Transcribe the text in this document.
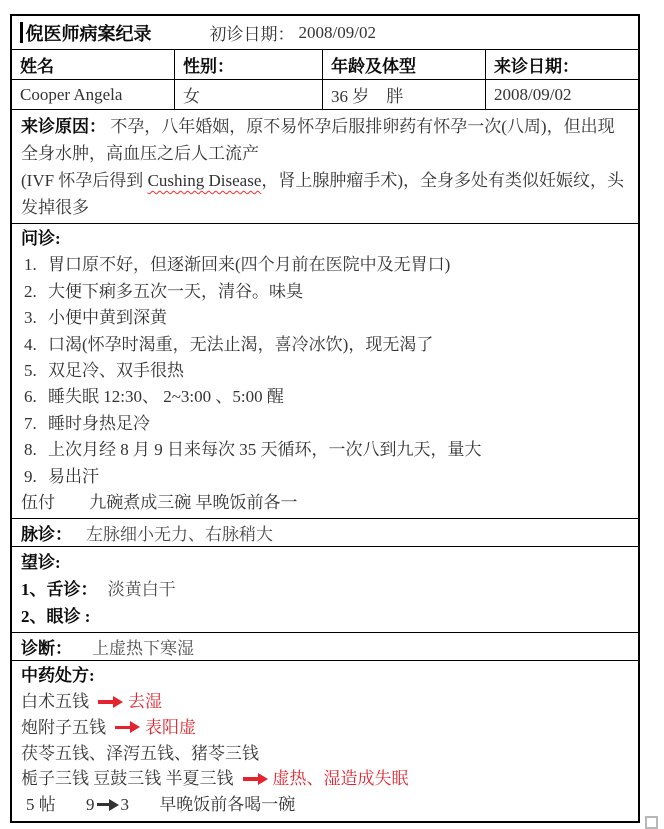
倪医师病案纪录	初诊日期： 2008/09/02
姓名	性别：	年龄及体型	来诊日期：
Cooper Angela	女	36 岁　胖	2008/09/02
来诊原因： 不孕，八年婚姻，原不易怀孕后服排卵药有怀孕一次(八周)，但出现全身水肿，高血压之后人工流产
(IVF 怀孕后得到 Cushing Disease，肾上腺肿瘤手术)，全身多处有类似妊娠纹，头发掉很多
问诊:
1. 胃口原不好，但逐渐回来(四个月前在医院中及无胃口)
2. 大便下痢多五次一天，清谷。味臭
3. 小便中黄到深黄
4. 口渴(怀孕时渴重，无法止渴，喜冷冰饮)，现无渴了
5. 双足冷、双手很热
6. 睡失眠 12:30、 2~3:00 、5:00 醒
7. 睡时身热足冷
8. 上次月经 8 月 9 日来每次 35 天循环，一次八到九天，量大
9. 易出汗
伍付 九碗煮成三碗 早晚饭前各一
脉诊： 左脉细小无力、右脉稍大
望诊:
1、舌诊： 淡黄白干
2、眼诊 :
诊断： 上虚热下寒湿
中药处方:
白术五钱 去湿
炮附子五钱 表阳虚
茯苓五钱、泽泻五钱、猪苓三钱
栀子三钱 豆鼓三钱 半夏三钱 虚热、湿造成失眠
5 帖 9 3 早晚饭前各喝一碗
